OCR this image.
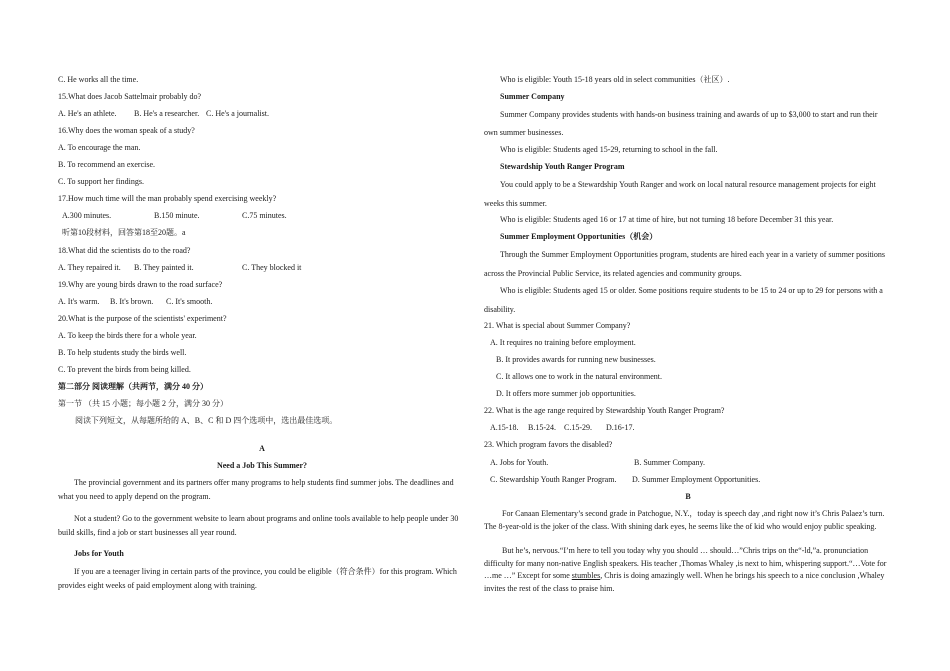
C. He works all the time.
15.What does Jacob Sattelmair probably do?
A. He's an athlete. B. He's a researcher. C. He's a journalist.
16.Why does the woman speak of a study?
A. To encourage the man.
B. To recommend an exercise.
C. To support her findings.
17.How much time will the man probably spend exercising weekly?
A.300 minutes.	B.150 minute.	C.75 minutes.
听第10段材料，回答第18至20题。a
18.What did the scientists do to the road?
A. They repaired it. B. They painted it.	C. They blocked it
19.Why are young birds drawn to the road surface?
A. It's warm. B. It's brown. C. It's smooth.
20.What is the purpose of the scientists' experiment?
A. To keep the birds there for a whole year.
B. To help students study the birds well.
C. To prevent the birds from being killed.
第二部分 阅读理解（共两节，满分 40 分）
第一节 （共 15 小题；每小题 2 分，满分 30 分）
阅读下列短文，从每题所给的 A、B、C 和 D 四个选项中，选出最佳选项。
A
Need a Job This Summer?
The provincial government and its partners offer many programs to help students find summer jobs. The deadlines and what you need to apply depend on the program.
Not a student? Go to the government website to learn about programs and online tools available to help people under 30 build skills, find a job or start businesses all year round.
Jobs for Youth
If you are a teenager living in certain parts of the province, you could be eligible（符合条件）for this program. Which provides eight weeks of paid employment along with training.
Who is eligible: Youth 15-18 years old in select communities（社区）.
Summer Company
Summer Company provides students with hands-on business training and awards of up to $3,000 to start and run their own summer businesses.
Who is eligible: Students aged 15-29, returning to school in the fall.
Stewardship Youth Ranger Program
You could apply to be a Stewardship Youth Ranger and work on local natural resource management projects for eight weeks this summer.
Who is eligible: Students aged 16 or 17 at time of hire, but not turning 18 before December 31 this year.
Summer Employment Opportunities（机会）
Through the Summer Employment Opportunities program, students are hired each year in a variety of summer positions across the Provincial Public Service, its related agencies and community groups.
Who is eligible: Students aged 15 or older. Some positions require students to be 15 to 24 or up to 29 for persons with a disability.
21. What is special about Summer Company?
A. It requires no training before employment.
B. It provides awards for running new businesses.
C. It allows one to work in the natural environment.
D. It offers more summer job opportunities.
22. What is the age range required by Stewardship Youth Ranger Program?
A.15-18. B.15-24. C.15-29. D.16-17.
23. Which program favors the disabled?
A. Jobs for Youth.	B. Summer Company.
C. Stewardship Youth Ranger Program. D. Summer Employment Opportunities.
B
For Canaan Elementary’s second grade in Patchogue, N.Y.，today is speech day ,and right now it’s Chris Palaez’s turn. The 8-year-old is the joker of the class. With shining dark eyes, he seems like the of kid who would enjoy public speaking.
But he’s, nervous.“I’m here to tell you today why you should … should…”Chris trips on the“-ld,”a. pronunciation difficulty for many non-native English speakers. His teacher ,Thomas Whaley ,is next to him, whispering support.“…Vote for …me …” Except for some stumbles, Chris is doing amazingly well. When he brings his speech to a nice conclusion ,Whaley invites the rest of the class to praise him.
